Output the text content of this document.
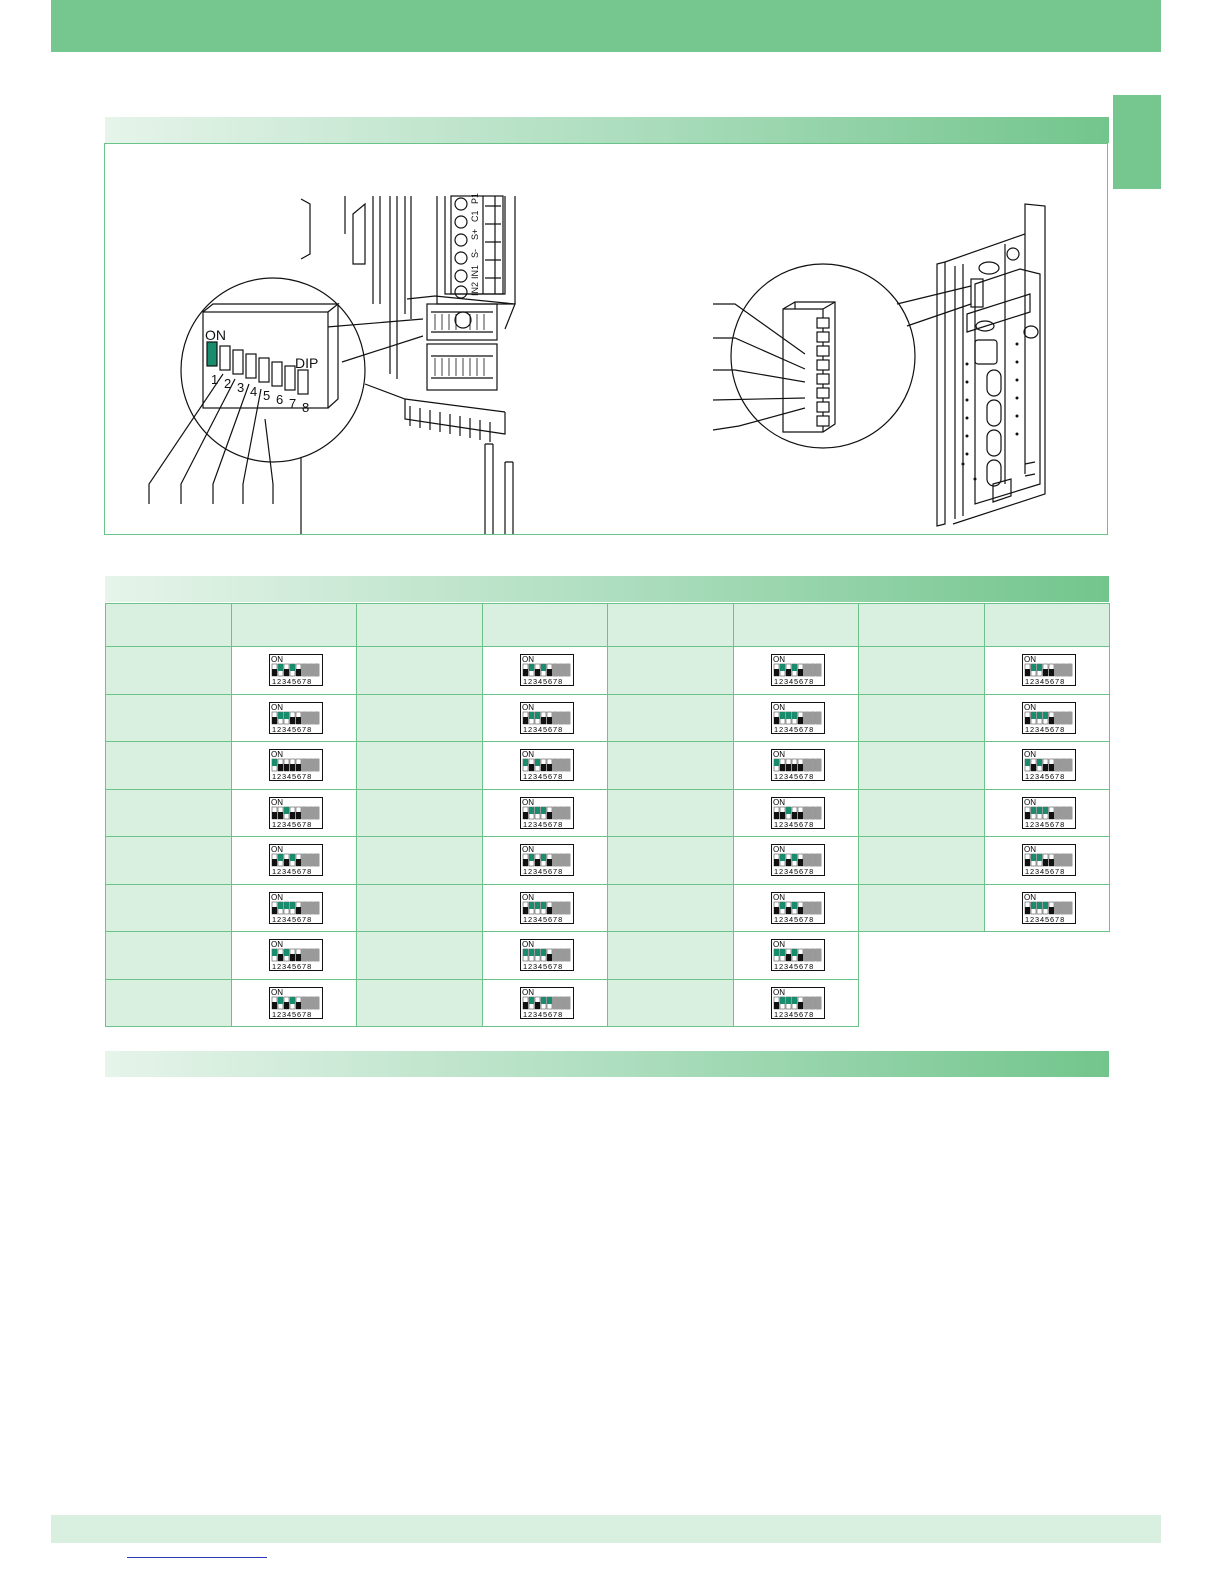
ON
DIP
1 2 3 4 5 6 7 8
P1
C1
S+
S-
IN1
IN2
ON
12345678
ON
12345678
ON
12345678
ON
12345678
ON
12345678
ON
12345678
ON
12345678
ON
12345678
ON
12345678
ON
12345678
ON
12345678
ON
12345678
ON
12345678
ON
12345678
ON
12345678
ON
12345678
ON
12345678
ON
12345678
ON
12345678
ON
12345678
ON
12345678
ON
12345678
ON
12345678
ON
12345678
ON
12345678
ON
12345678
ON
12345678
ON
12345678
ON
12345678
ON
12345678
